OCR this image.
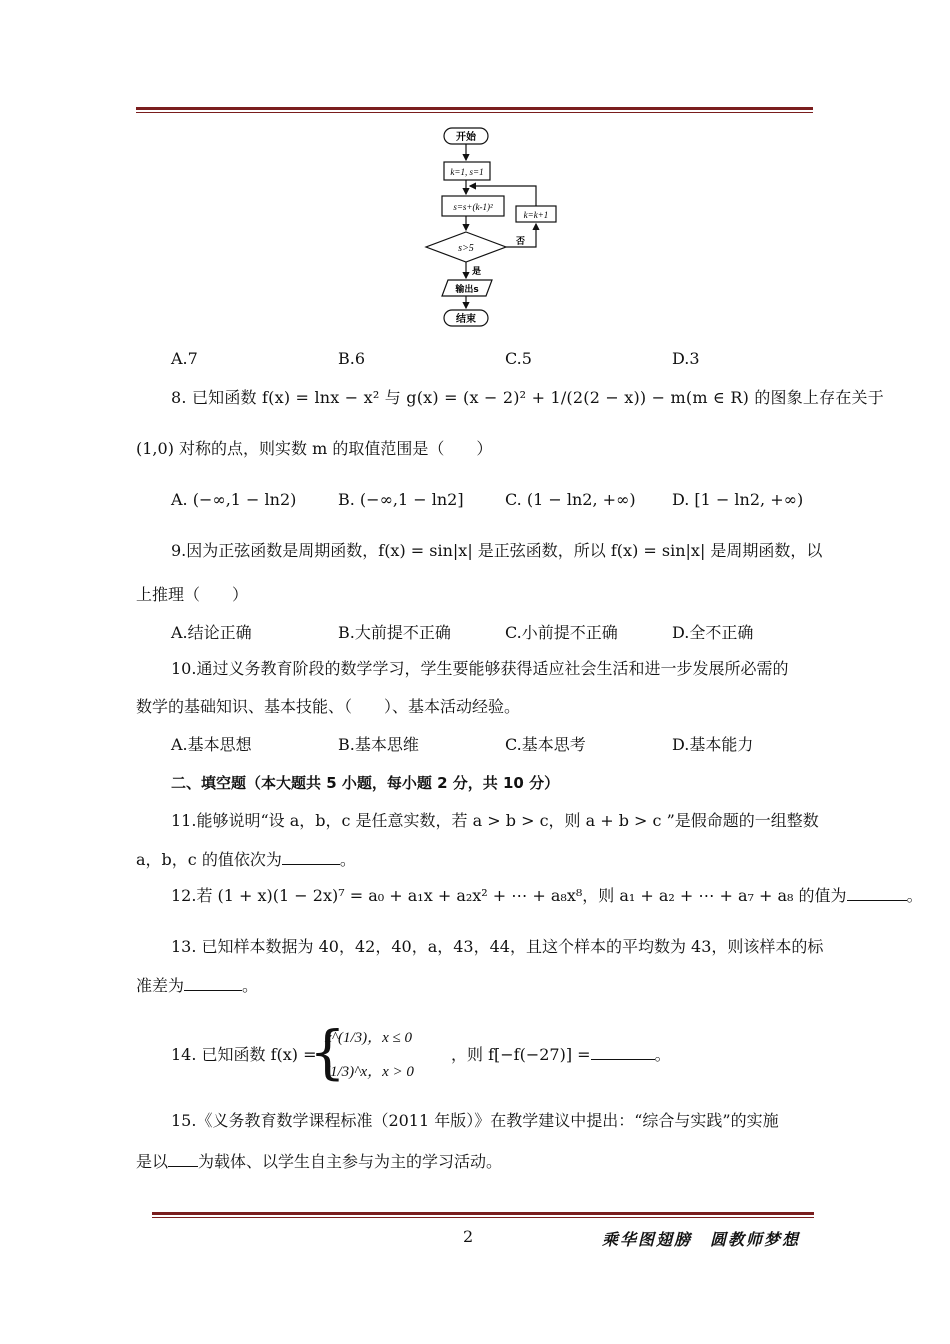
开始
k=1, s=1
s=s+(k-1)²
s>5
k=k+1
否
是
输出s
结束
A.7	B.6	C.5	D.3
8. 已知函数 f(x) = lnx − x² 与 g(x) = (x − 2)² + 1/(2(2 − x)) − m(m ∈ R) 的图象上存在关于
(1,0) 对称的点，则实数 m 的取值范围是（　　）
A. (−∞,1 − ln2)	B. (−∞,1 − ln2]	C. (1 − ln2, +∞) D. [1 − ln2, +∞)
9.因为正弦函数是周期函数，f(x) = sin|x| 是正弦函数，所以 f(x) = sin|x| 是周期函数，以
上推理（　　）
A.结论正确	B.大前提不正确	C.小前提不正确	D.全不正确
10.通过义务教育阶段的数学学习，学生要能够获得适应社会生活和进一步发展所必需的
数学的基础知识、基本技能、（　　）、基本活动经验。
A.基本思想	B.基本思维	C.基本思考	D.基本能力
二、填空题（本大题共 5 小题，每小题 2 分，共 10 分）
11.能够说明“设 a，b，c 是任意实数，若 a > b > c，则 a + b > c ”是假命题的一组整数
a，b，c 的值依次为	。
12.若 (1 + x)(1 − 2x)⁷ = a₀ + a₁x + a₂x² + ⋯ + a₈x⁸，则 a₁ + a₂ + ⋯ + a₇ + a₈ 的值为	。
13. 已知样本数据为 40，42，40，a，43，44，且这个样本的平均数为 43，则该样本的标
准差为	。
14. 已知函数 f(x) =
{
x^(1/3)，x ≤ 0
(1/3)^x，x > 0
，则 f[−f(−27)] =	。
15.《义务教育数学课程标准（2011 年版）》在教学建议中提出：“综合与实践”的实施
是以 为载体、以学生自主参与为主的学习活动。
2	乘华图翅膀　圆教师梦想
